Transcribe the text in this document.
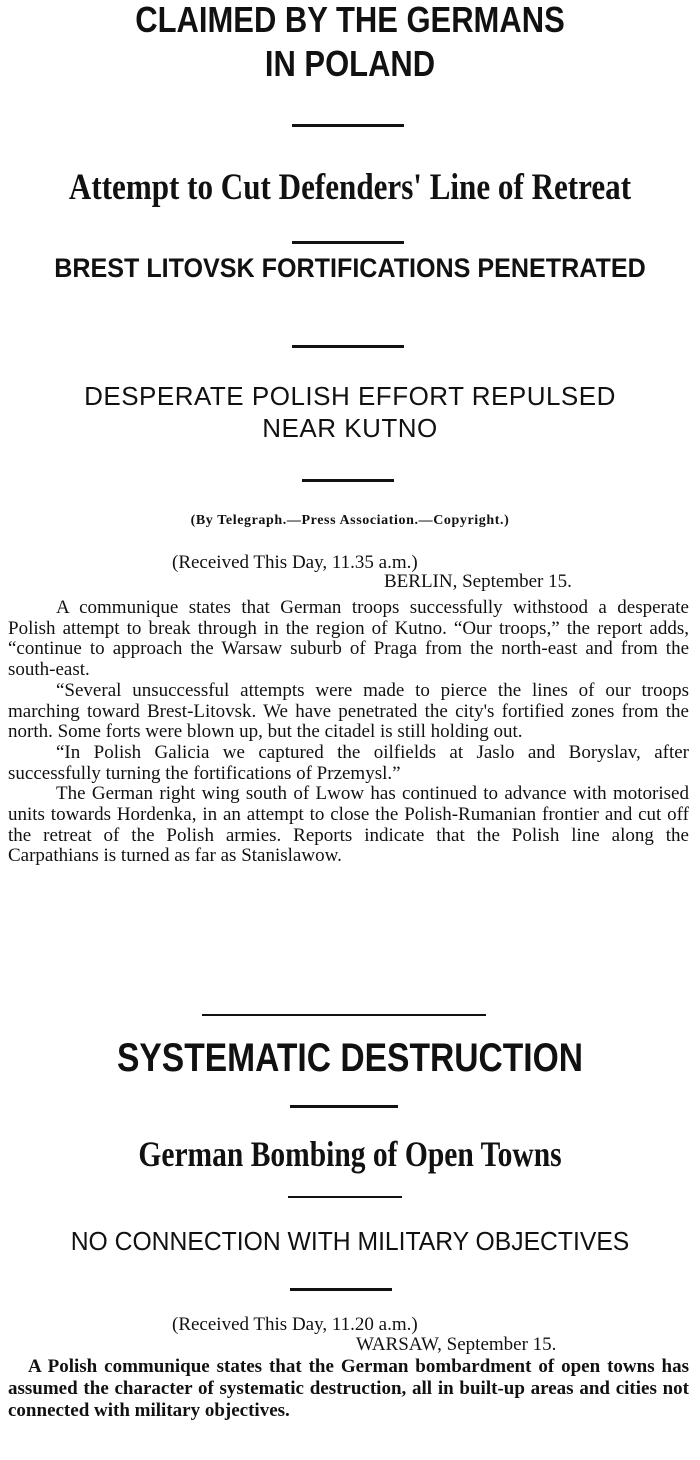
CLAIMED BY THE GERMANS
IN POLAND
Attempt to Cut Defenders' Line of Retreat
BREST LITOVSK FORTIFICATIONS PENETRATED
DESPERATE POLISH EFFORT REPULSED
NEAR KUTNO
(By Telegraph.—Press Association.—Copyright.)
(Received This Day, 11.35 a.m.)
BERLIN, September 15.

A communique states that German troops successfully withstood a desperate Polish attempt to break through in the region of Kutno. “Our troops,” the report adds, “continue to approach the Warsaw suburb of Praga from the north-east and from the south-east.

“Several unsuccessful attempts were made to pierce the lines of our troops marching toward Brest-Litovsk. We have penetrated the city's fortified zones from the north. Some forts were blown up, but the citadel is still holding out.

“In Polish Galicia we captured the oilfields at Jaslo and Boryslav, after successfully turning the fortifications of Przemysl.”

The German right wing south of Lwow has continued to advance with motorised units towards Hordenka, in an attempt to close the Polish-Rumanian frontier and cut off the retreat of the Polish armies. Reports indicate that the Polish line along the Carpathians is turned as far as Stanislawow.

SYSTEMATIC DESTRUCTION
German Bombing of Open Towns
NO CONNECTION WITH MILITARY OBJECTIVES
(Received This Day, 11.20 a.m.)
WARSAW, September 15.

A Polish communique states that the German bombardment of open towns has assumed the character of systematic destruction, all in built-up areas and cities not connected with military objectives.
